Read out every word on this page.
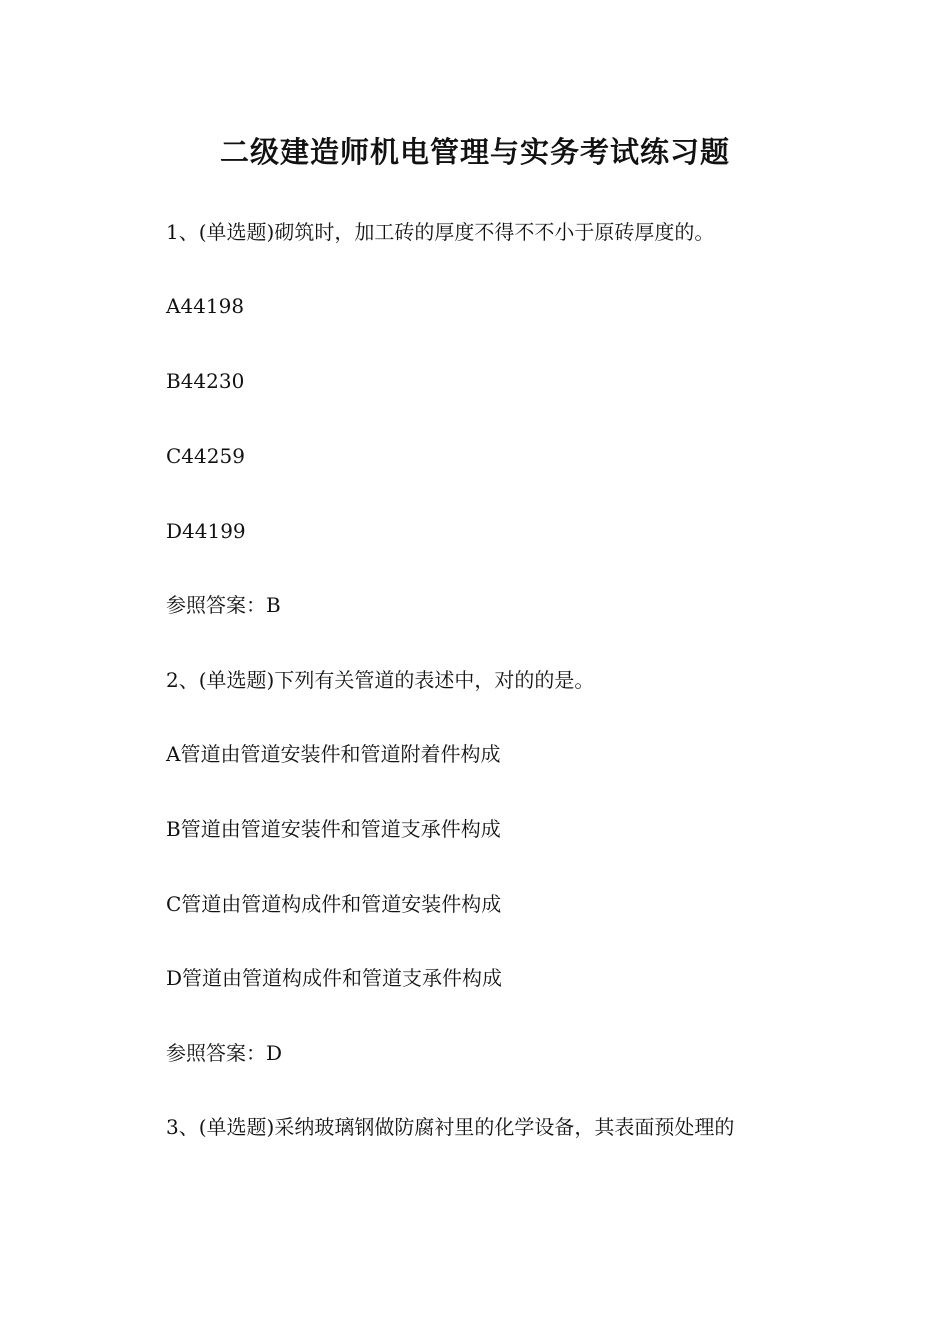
二级建造师机电管理与实务考试练习题

1、(单选题)砌筑时，加工砖的厚度不得不不小于原砖厚度的。

A44198

B44230

C44259

D44199

参照答案：B

2、(单选题)下列有关管道的表述中，对的的是。

A管道由管道安装件和管道附着件构成

B管道由管道安装件和管道支承件构成

C管道由管道构成件和管道安装件构成

D管道由管道构成件和管道支承件构成

参照答案：D

3、(单选题)采纳玻璃钢做防腐衬里的化学设备，其表面预处理的
